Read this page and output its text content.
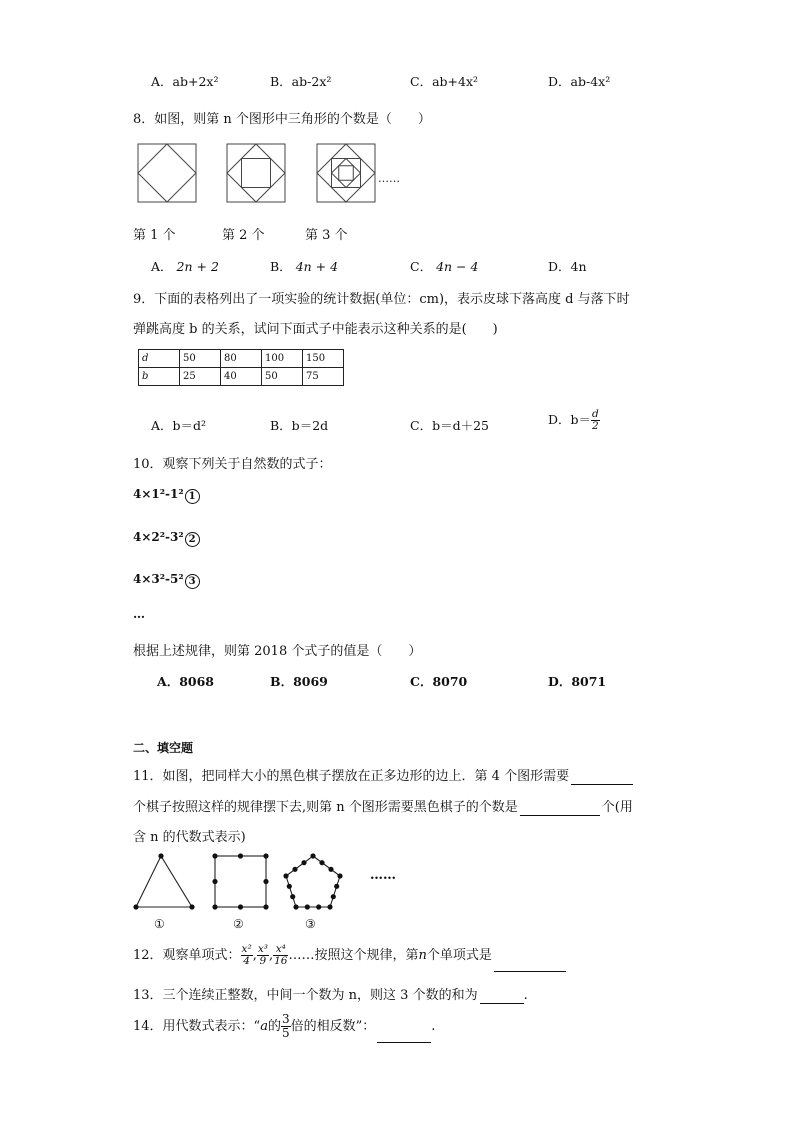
A．ab+2x²	B．ab-2x²	C．ab+4x²	D．ab-4x²
8．如图，则第 n 个图形中三角形的个数是（　　）
……
第 1 个	第 2 个	第 3 个
A． 2n + 2	B． 4n + 4	C． 4n − 4	D．4n
9．下面的表格列出了一项实验的统计数据(单位：cm)，表示皮球下落高度 d 与落下时
弹跳高度 b 的关系，试问下面式子中能表示这种关系的是(　　)
d	50	80	100	150
b	25	40	50	75
A．b＝d²	B．b＝2d	C．b＝d＋25	D．$b= \frac{d}{2}$
10．观察下列关于自然数的式子：
4×1²-1² 1
4×2²-3² 2
4×3²-5² 3
…
根据上述规律，则第 2018 个式子的值是（　　）
A．8068	B．8069	C．8070	D．8071
二、填空题
11．如图，把同样大小的黑色棋子摆放在正多边形的边上．第 4 个图形需要
个棋子按照这样的规律摆下去,则第 n 个图形需要黑色棋子的个数是	个(用
含 n 的代数式表示)
……
①	②	③
12．观察单项式： $\frac{\text{x²}}{4}$ , $\frac{\text{x³}}{9}$ , $\frac{\text{x⁴}}{16}$ ……按照这个规律，第n个单项式是
13．三个连续正整数，中间一个数为 n，则这 3 个数的和为	.
14．用代数式表示：“a的 $\frac{3}{5}$ 倍的相反数”：	.
